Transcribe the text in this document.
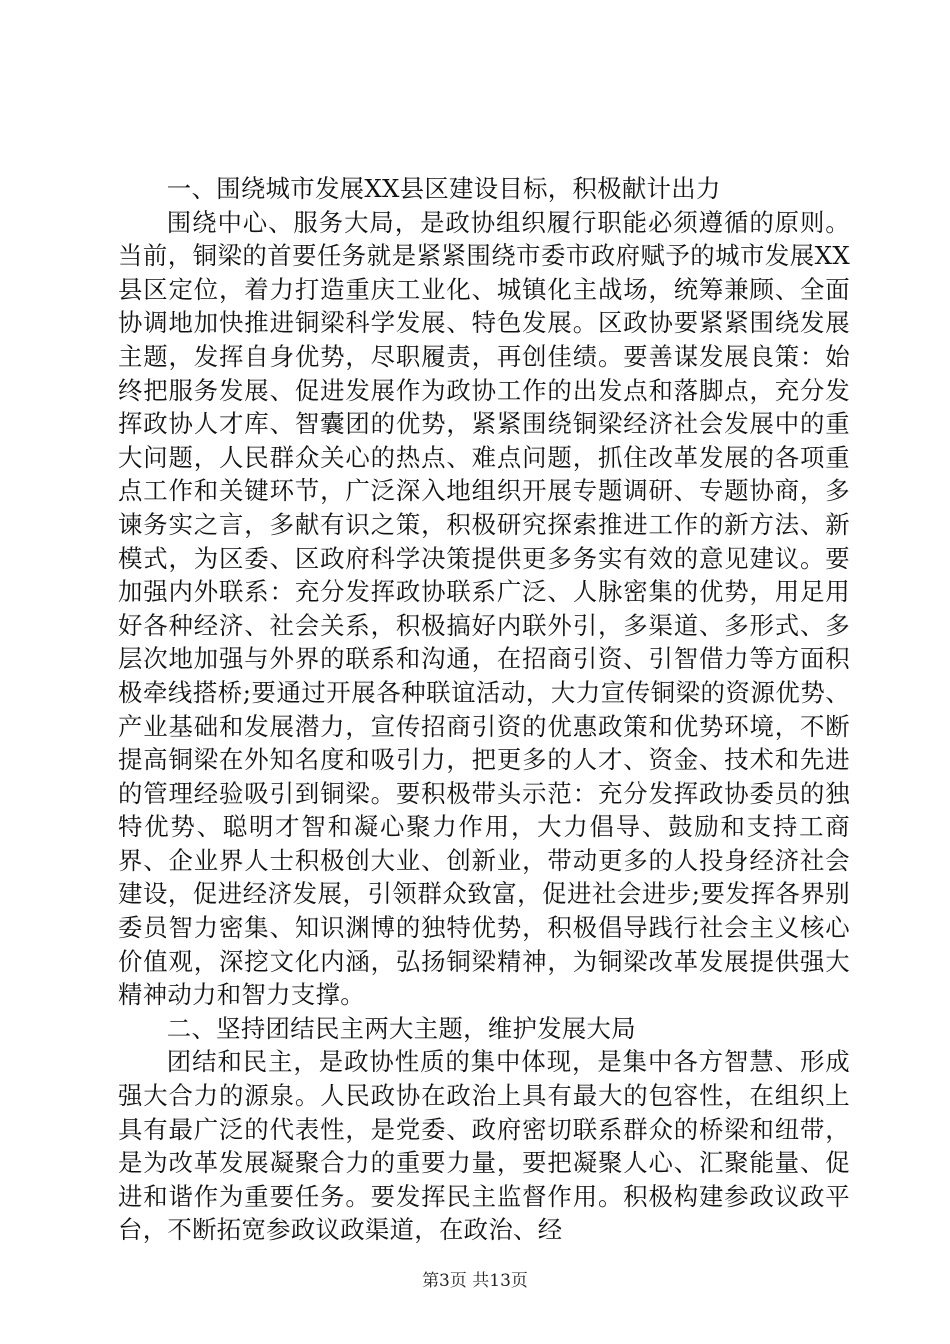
一、围绕城市发展XX县区建设目标，积极献计出力

围绕中心、服务大局，是政协组织履行职能必须遵循的原则。当前，铜梁的首要任务就是紧紧围绕市委市政府赋予的城市发展XX县区定位，着力打造重庆工业化、城镇化主战场，统筹兼顾、全面协调地加快推进铜梁科学发展、特色发展。区政协要紧紧围绕发展主题，发挥自身优势，尽职履责，再创佳绩。要善谋发展良策：始终把服务发展、促进发展作为政协工作的出发点和落脚点，充分发挥政协人才库、智囊团的优势，紧紧围绕铜梁经济社会发展中的重大问题，人民群众关心的热点、难点问题，抓住改革发展的各项重点工作和关键环节，广泛深入地组织开展专题调研、专题协商，多谏务实之言，多献有识之策，积极研究探索推进工作的新方法、新模式，为区委、区政府科学决策提供更多务实有效的意见建议。要加强内外联系：充分发挥政协联系广泛、人脉密集的优势，用足用好各种经济、社会关系，积极搞好内联外引，多渠道、多形式、多层次地加强与外界的联系和沟通，在招商引资、引智借力等方面积极牵线搭桥;要通过开展各种联谊活动，大力宣传铜梁的资源优势、产业基础和发展潜力，宣传招商引资的优惠政策和优势环境，不断提高铜梁在外知名度和吸引力，把更多的人才、资金、技术和先进的管理经验吸引到铜梁。要积极带头示范：充分发挥政协委员的独特优势、聪明才智和凝心聚力作用，大力倡导、鼓励和支持工商界、企业界人士积极创大业、创新业，带动更多的人投身经济社会建设，促进经济发展，引领群众致富，促进社会进步;要发挥各界别委员智力密集、知识渊博的独特优势，积极倡导践行社会主义核心价值观，深挖文化内涵，弘扬铜梁精神，为铜梁改革发展提供强大精神动力和智力支撑。

二、坚持团结民主两大主题，维护发展大局

团结和民主，是政协性质的集中体现，是集中各方智慧、形成强大合力的源泉。人民政协在政治上具有最大的包容性，在组织上具有最广泛的代表性，是党委、政府密切联系群众的桥梁和纽带，是为改革发展凝聚合力的重要力量，要把凝聚人心、汇聚能量、促进和谐作为重要任务。要发挥民主监督作用。积极构建参政议政平台，不断拓宽参政议政渠道，在政治、经

第3页 共13页
